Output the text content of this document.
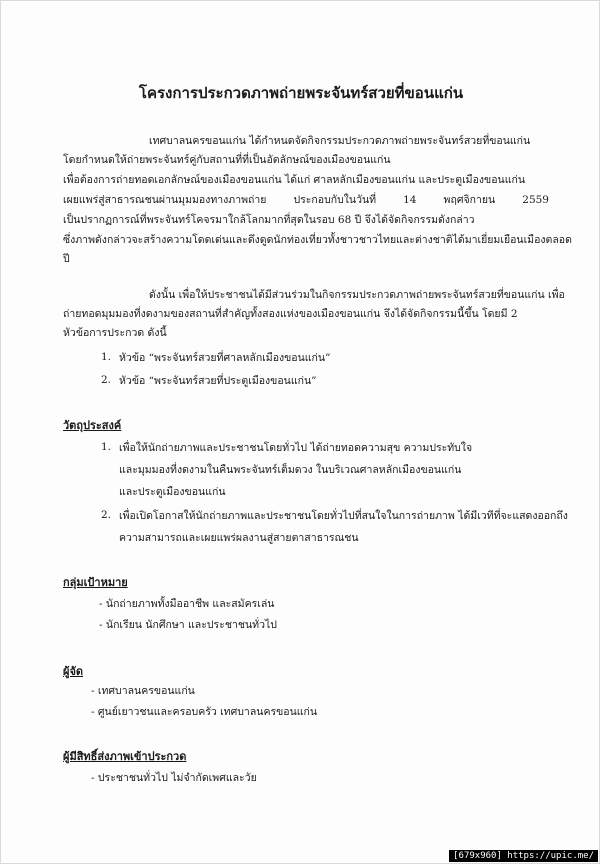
โครงการประกวดภาพถ่ายพระจันทร์สวยที่ขอนแก่น
เทศบาลนครขอนแก่น ได้กำหนดจัดกิจกรรมประกวดภาพถ่ายพระจันทร์สวยที่ขอนแก่น
โดยกำหนดให้ถ่ายพระจันทร์คู่กับสถานที่ที่เป็นอัตลักษณ์ของเมืองขอนแก่น
เพื่อต้องการถ่ายทอดเอกลักษณ์ของเมืองขอนแก่น ได้แก่ ศาลหลักเมืองขอนแก่น และประตูเมืองขอนแก่น
เผยแพร่สู่สาธารณชนผ่านมุมมองทางภาพถ่าย ประกอบกับในวันที่ 14 พฤศจิกายน 2559
เป็นปรากฏการณ์ที่พระจันทร์โคจรมาใกล้โลกมากที่สุดในรอบ 68 ปี จึงได้จัดกิจกรรมดังกล่าว
ซึ่งภาพดังกล่าวจะสร้างความโดดเด่นและดึงดูดนักท่องเที่ยวทั้งชาวชาวไทยและต่างชาติได้มาเยี่ยมเยือนเมืองตลอด
ปี
ดังนั้น เพื่อให้ประชาชนได้มีส่วนร่วมในกิจกรรมประกวดภาพถ่ายพระจันทร์สวยที่ขอนแก่น เพื่อ
ถ่ายทอดมุมมองที่งดงามของสถานที่สำคัญทั้งสองแห่งของเมืองขอนแก่น จึงได้จัดกิจกรรมนี้ขึ้น โดยมี 2
หัวข้อการประกวด ดังนี้
1. หัวข้อ “พระจันทร์สวยที่ศาลหลักเมืองขอนแก่น”
2. หัวข้อ “พระจันทร์สวยที่ประตูเมืองขอนแก่น”
วัตถุประสงค์
1. เพื่อให้นักถ่ายภาพและประชาชนโดยทั่วไป ได้ถ่ายทอดความสุข ความประทับใจ
และมุมมองที่งดงามในคืนพระจันทร์เต็มดวง ในบริเวณศาลหลักเมืองขอนแก่น
และประตูเมืองขอนแก่น
2. เพื่อเปิดโอกาสให้นักถ่ายภาพและประชาชนโดยทั่วไปที่สนใจในการถ่ายภาพ ได้มีเวทีที่จะแสดงออกถึง
ความสามารถและเผยแพร่ผลงานสู่สายตาสาธารณชน
กลุ่มเป้าหมาย
- นักถ่ายภาพทั้งมืออาชีพ และสมัครเล่น
- นักเรียน นักศึกษา และประชาชนทั่วไป
ผู้จัด
- เทศบาลนครขอนแก่น
- ศูนย์เยาวชนและครอบครัว เทศบาลนครขอนแก่น
ผู้มีสิทธิ์ส่งภาพเข้าประกวด
- ประชาชนทั่วไป ไม่จำกัดเพศและวัย
[679x960] https://upic.me/
